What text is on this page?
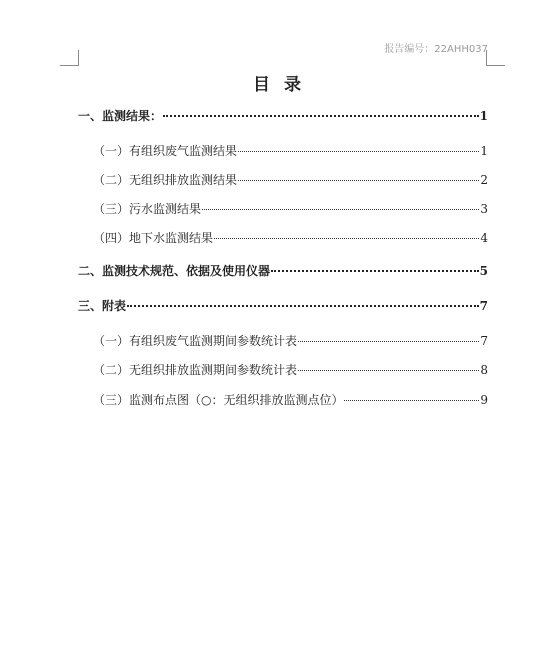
报告编号：22AHH037
目录
一、监测结果：	1
（一）有组织废气监测结果	1
（二）无组织排放监测结果	2
（三）污水监测结果	3
（四）地下水监测结果	4
二、监测技术规范、依据及使用仪器	5
三、附表	7
（一）有组织废气监测期间参数统计表	7
（二）无组织排放监测期间参数统计表	8
（三）监测布点图（○：无组织排放监测点位）	9
